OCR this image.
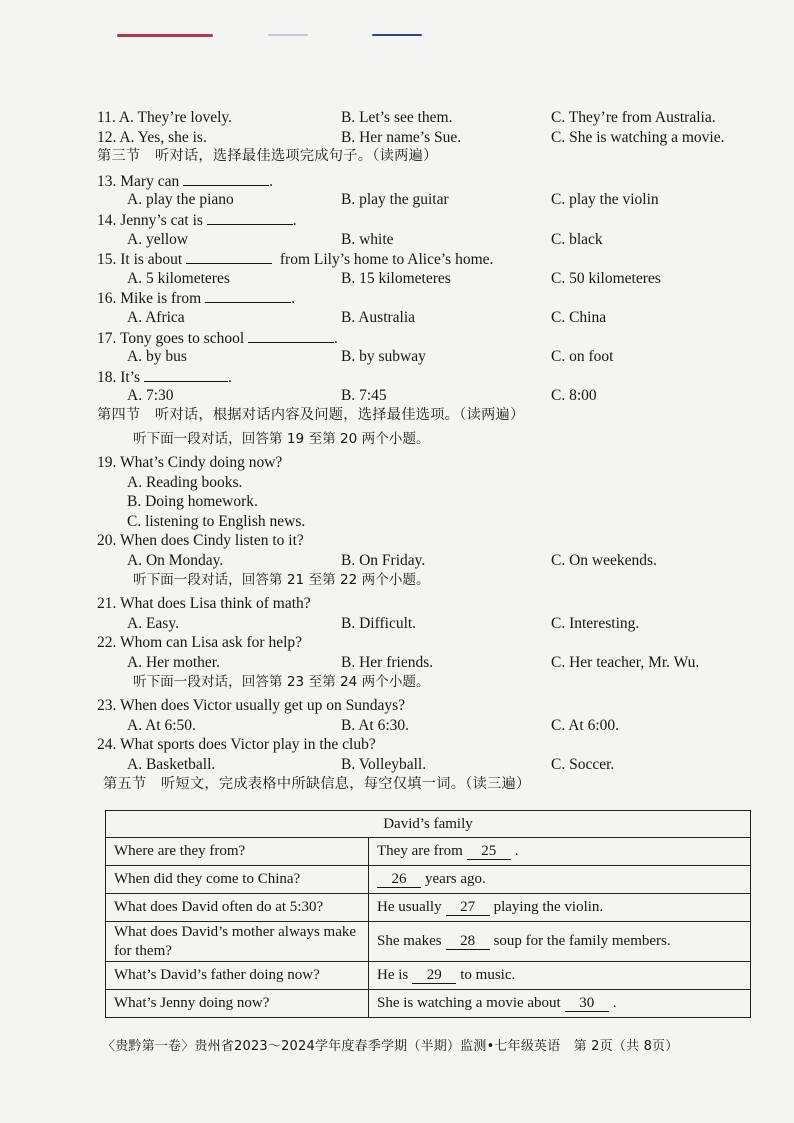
11. A. They’re lovely.	B. Let’s see them.	C. They’re from Australia.
12. A. Yes, she is.	B. Her name’s Sue.	C. She is watching a movie.
第三节　听对话，选择最佳选项完成句子。（读两遍）
13. Mary can	.
A. play the piano	B. play the guitar	C. play the violin
14. Jenny’s cat is	.
A. yellow	B. white	C. black
15. It is about	from Lily’s home to Alice’s home.
A. 5 kilometeres	B. 15 kilometeres	C. 50 kilometeres
16. Mike is from	.
A. Africa	B. Australia	C. China
17. Tony goes to school	.
A. by bus	B. by subway	C. on foot
18. It’s	.
A. 7:30	B. 7:45	C. 8:00
第四节　听对话，根据对话内容及问题，选择最佳选项。（读两遍）
听下面一段对话，回答第 19 至第 20 两个小题。
19. What’s Cindy doing now?
A. Reading books.
B. Doing homework.
C. listening to English news.
20. When does Cindy listen to it?
A. On Monday.	B. On Friday.	C. On weekends.
听下面一段对话，回答第 21 至第 22 两个小题。
21. What does Lisa think of math?
A. Easy.	B. Difficult.	C. Interesting.
22. Whom can Lisa ask for help?
A. Her mother.	B. Her friends.	C. Her teacher, Mr. Wu.
听下面一段对话，回答第 23 至第 24 两个小题。
23. When does Victor usually get up on Sundays?
A. At 6:50.	B. At 6:30.	C. At 6:00.
24. What sports does Victor play in the club?
A. Basketball.	B. Volleyball.	C. Soccer.
第五节　听短文，完成表格中所缺信息，每空仅填一词。（读三遍）
David’s family	
Where are they from?	They are from 25 .
When did they come to China?	26 years ago.
What does David often do at 5:30?	He usually 27 playing the violin.
What does David’s mother always make for them?	She makes 28 soup for the family members.
What’s David’s father doing now?	He is 29 to music.
What’s Jenny doing now?	She is watching a movie about 30 .
〈贵黔第一卷〉贵州省2023～2024学年度春季学期（半期）监测•七年级英语　第 2页（共 8页）
